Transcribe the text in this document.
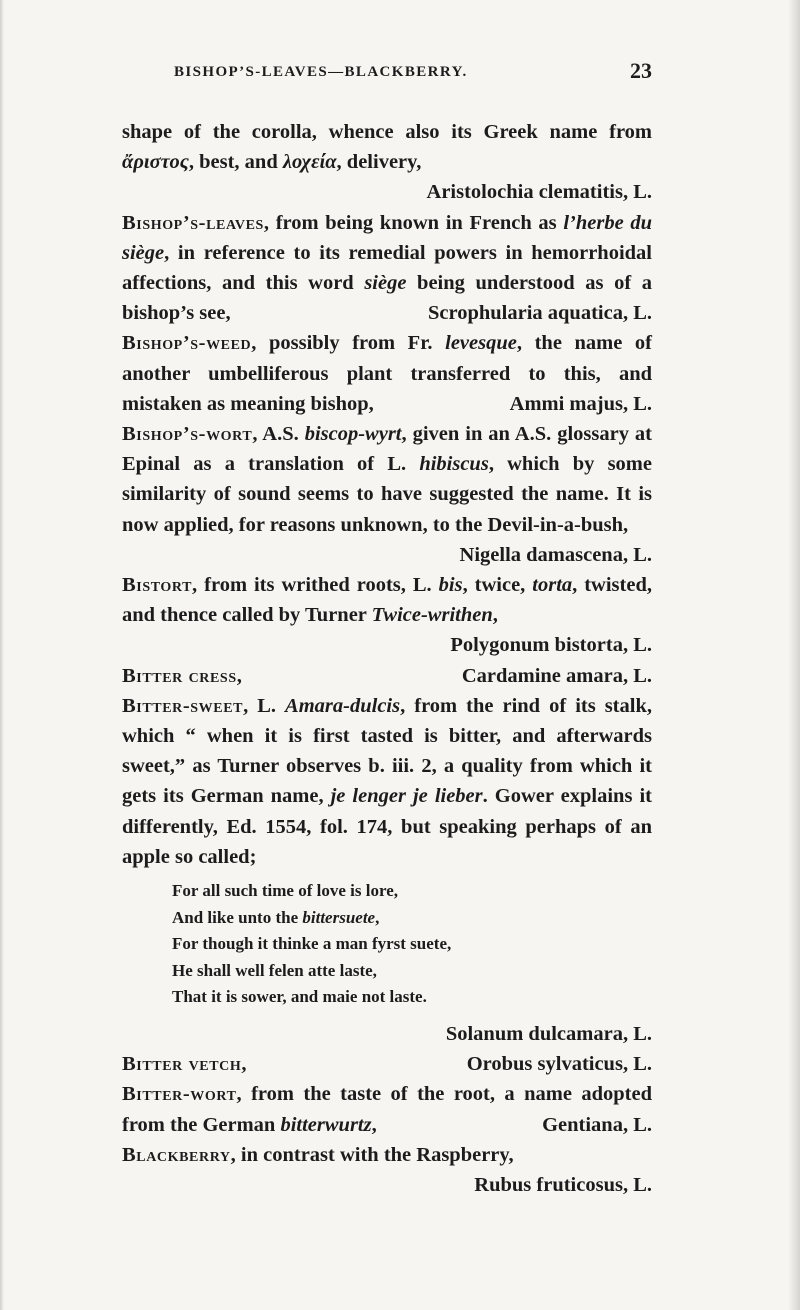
BISHOP’S-LEAVES—BLACKBERRY.	23

shape of the corolla, whence also its Greek name from ἄριστος, best, and λοχεία, delivery,
Aristolochia clematitis, L.

Bishop’s-leaves, from being known in French as l’herbe du siège, in reference to its remedial powers in hemorrhoidal affections, and this word siège being understood as of a bishop’s see,	Scrophularia aquatica, L.

Bishop’s-weed, possibly from Fr. levesque, the name of another umbelliferous plant transferred to this, and mistaken as meaning bishop,	Ammi majus, L.

Bishop’s-wort, A.S. biscop-wyrt, given in an A.S. glossary at Epinal as a translation of L. hibiscus, which by some similarity of sound seems to have suggested the name. It is now applied, for reasons unknown, to the Devil-in-a-bush,
Nigella damascena, L.

Bistort, from its writhed roots, L. bis, twice, torta, twisted, and thence called by Turner Twice-writhen,
Polygonum bistorta, L.

Bitter cress,	Cardamine amara, L.

Bitter-sweet, L. Amara-dulcis, from the rind of its stalk, which “ when it is first tasted is bitter, and afterwards sweet,” as Turner observes b. iii. 2, a quality from which it gets its German name, je lenger je lieber. Gower explains it differently, Ed. 1554, fol. 174, but speaking perhaps of an apple so called;

For all such time of love is lore,
And like unto the bittersuete,
For though it thinke a man fyrst suete,
He shall well felen atte laste,
That it is sower, and maie not laste.
Solanum dulcamara, L.

Bitter vetch,	Orobus sylvaticus, L.

Bitter-wort, from the taste of the root, a name adopted from the German bitterwurtz,	Gentiana, L.

Blackberry, in contrast with the Raspberry,
Rubus fruticosus, L.
